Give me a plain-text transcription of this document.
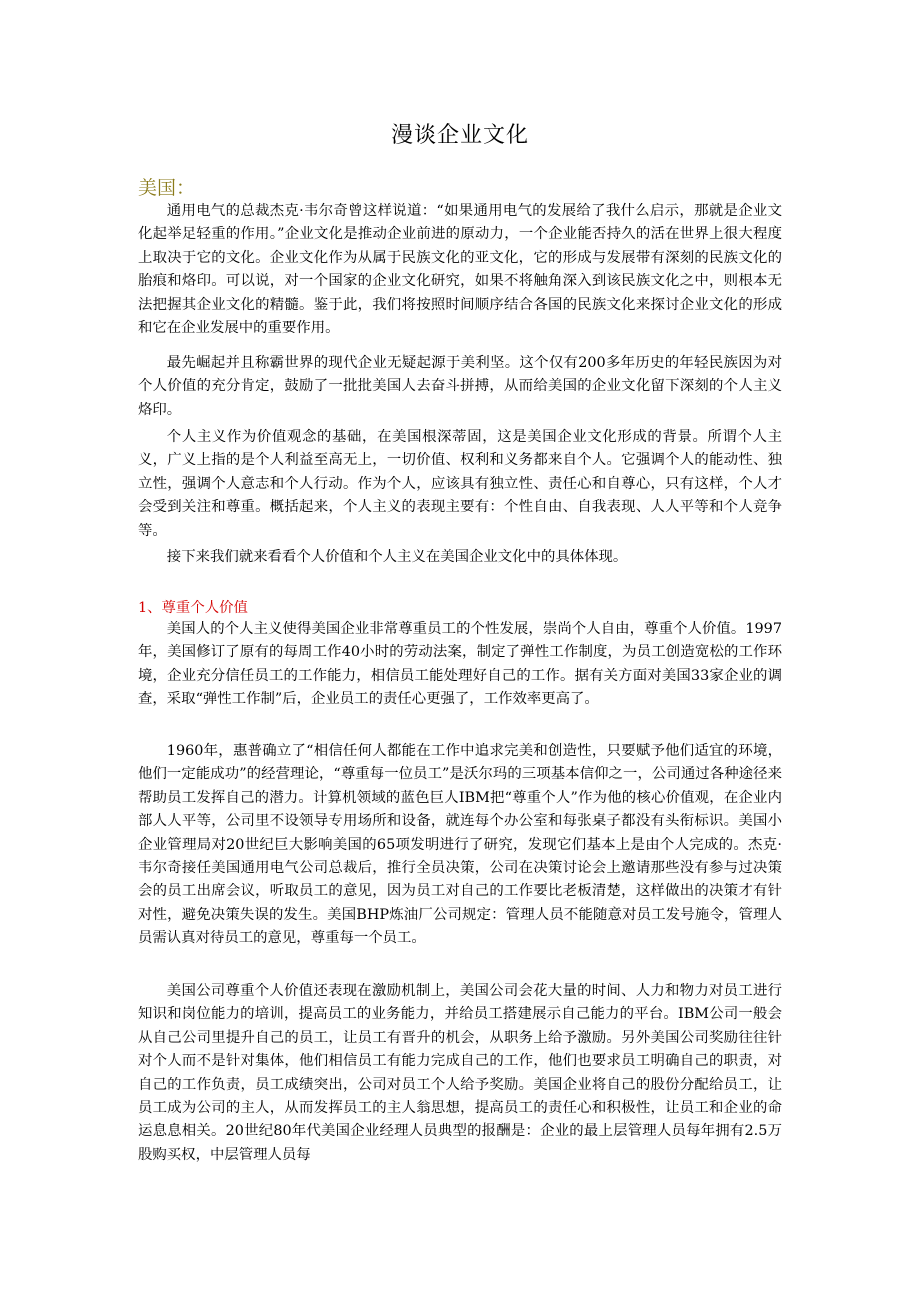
漫谈企业文化
美国：

通用电气的总裁杰克·韦尔奇曾这样说道：“如果通用电气的发展给了我什么启示，那就是企业文化起举足轻重的作用。”企业文化是推动企业前进的原动力，一个企业能否持久的活在世界上很大程度上取决于它的文化。企业文化作为从属于民族文化的亚文化，它的形成与发展带有深刻的民族文化的胎痕和烙印。可以说，对一个国家的企业文化研究，如果不将触角深入到该民族文化之中，则根本无法把握其企业文化的精髓。鉴于此，我们将按照时间顺序结合各国的民族文化来探讨企业文化的形成和它在企业发展中的重要作用。

最先崛起并且称霸世界的现代企业无疑起源于美利坚。这个仅有200多年历史的年轻民族因为对个人价值的充分肯定，鼓励了一批批美国人去奋斗拼搏，从而给美国的企业文化留下深刻的个人主义烙印。

个人主义作为价值观念的基础，在美国根深蒂固，这是美国企业文化形成的背景。所谓个人主义，广义上指的是个人利益至高无上，一切价值、权利和义务都来自个人。它强调个人的能动性、独立性，强调个人意志和个人行动。作为个人，应该具有独立性、责任心和自尊心，只有这样，个人才会受到关注和尊重。概括起来，个人主义的表现主要有：个性自由、自我表现、人人平等和个人竞争等。

接下来我们就来看看个人价值和个人主义在美国企业文化中的具体体现。

1、尊重个人价值

美国人的个人主义使得美国企业非常尊重员工的个性发展，崇尚个人自由，尊重个人价值。1997年，美国修订了原有的每周工作40小时的劳动法案，制定了弹性工作制度，为员工创造宽松的工作环境，企业充分信任员工的工作能力，相信员工能处理好自己的工作。据有关方面对美国33家企业的调查，采取“弹性工作制”后，企业员工的责任心更强了，工作效率更高了。

1960年，惠普确立了“相信任何人都能在工作中追求完美和创造性，只要赋予他们适宜的环境，他们一定能成功”的经营理论，“尊重每一位员工”是沃尔玛的三项基本信仰之一，公司通过各种途径来帮助员工发挥自己的潜力。计算机领域的蓝色巨人IBM把“尊重个人”作为他的核心价值观，在企业内部人人平等，公司里不设领导专用场所和设备，就连每个办公室和每张桌子都没有头衔标识。美国小企业管理局对20世纪巨大影响美国的65项发明进行了研究，发现它们基本上是由个人完成的。杰克·韦尔奇接任美国通用电气公司总裁后，推行全员决策，公司在决策讨论会上邀请那些没有参与过决策会的员工出席会议，听取员工的意见，因为员工对自己的工作要比老板清楚，这样做出的决策才有针对性，避免决策失误的发生。美国BHP炼油厂公司规定：管理人员不能随意对员工发号施令，管理人员需认真对待员工的意见，尊重每一个员工。

美国公司尊重个人价值还表现在激励机制上，美国公司会花大量的时间、人力和物力对员工进行知识和岗位能力的培训，提高员工的业务能力，并给员工搭建展示自己能力的平台。IBM公司一般会从自己公司里提升自己的员工，让员工有晋升的机会，从职务上给予激励。另外美国公司奖励往往针对个人而不是针对集体，他们相信员工有能力完成自己的工作，他们也要求员工明确自己的职责，对自己的工作负责，员工成绩突出，公司对员工个人给予奖励。美国企业将自己的股份分配给员工，让员工成为公司的主人，从而发挥员工的主人翁思想，提高员工的责任心和积极性，让员工和企业的命运息息相关。20世纪80年代美国企业经理人员典型的报酬是：企业的最上层管理人员每年拥有2.5万股购买权，中层管理人员每
